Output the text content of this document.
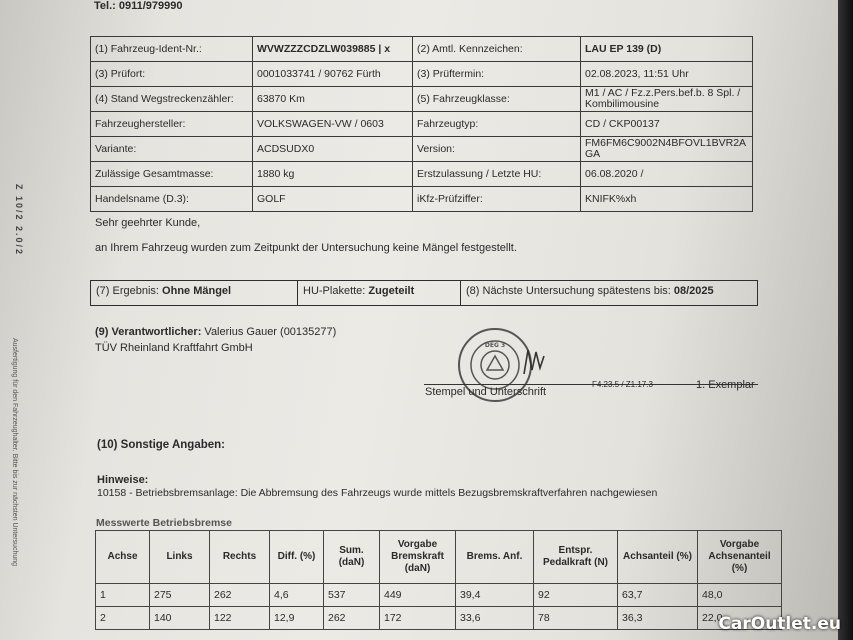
Tel.: 0911/979990
(1) Fahrzeug-Ident-Nr.:	WVWZZZCDZLW039885 | x	(2) Amtl. Kennzeichen:	LAU EP 139 (D)
(3) Prüfort:	0001033741 / 90762 Fürth	(3) Prüftermin:	02.08.2023, 11:51 Uhr
(4) Stand Wegstreckenzähler:	63870 Km	(5) Fahrzeugklasse:	M1 / AC / Fz.z.Pers.bef.b. 8 Spl. / Kombilimousine
Fahrzeughersteller:	VOLKSWAGEN-VW / 0603	Fahrzeugtyp:	CD / CKP00137
Variante:	ACDSUDX0	Version:	FM6FM6C9002N4BFOVL1BVR2AGA
Zulässige Gesamtmasse:	1880 kg	Erstzulassung / Letzte HU:	06.08.2020 /
Handelsname (D.3):	GOLF	iKfz-Prüfziffer:	KNIFK%xh
Sehr geehrter Kunde,
an Ihrem Fahrzeug wurden zum Zeitpunkt der Untersuchung keine Mängel festgestellt.
(7) Ergebnis: Ohne Mängel	HU-Plakette: Zugeteilt	(8) Nächste Untersuchung spätestens bis: 08/2025
(9) Verantwortlicher: Valerius Gauer (00135277)
TÜV Rheinland Kraftfahrt GmbH	DEG 3
Stempel und Unterschrift
F4.23.5 / Z1.17.3	1. Exemplar
(10) Sonstige Angaben:
Hinweise:
10158 - Betriebsbremsanlage: Die Abbremsung des Fahrzeugs wurde mittels Bezugsbremskraftverfahren nachgewiesen
Messwerte Betriebsbremse
Achse	Links	Rechts	Diff. (%)	Sum. (daN)	Vorgabe Bremskraft (daN)	Brems. Anf.	Entspr. Pedalkraft (N)	Achsanteil (%)	Vorgabe Achsenanteil (%)
1	275	262	4,6	537	449	39,4	92	63,7	48,0
2	140	122	12,9	262	172	33,6	78	36,3	22,0
Ausfertigung für den Fahrzeughalter. Bitte bis zur nächsten Untersuchung
Z 10/2 2.0/2
CarOutlet.eu
